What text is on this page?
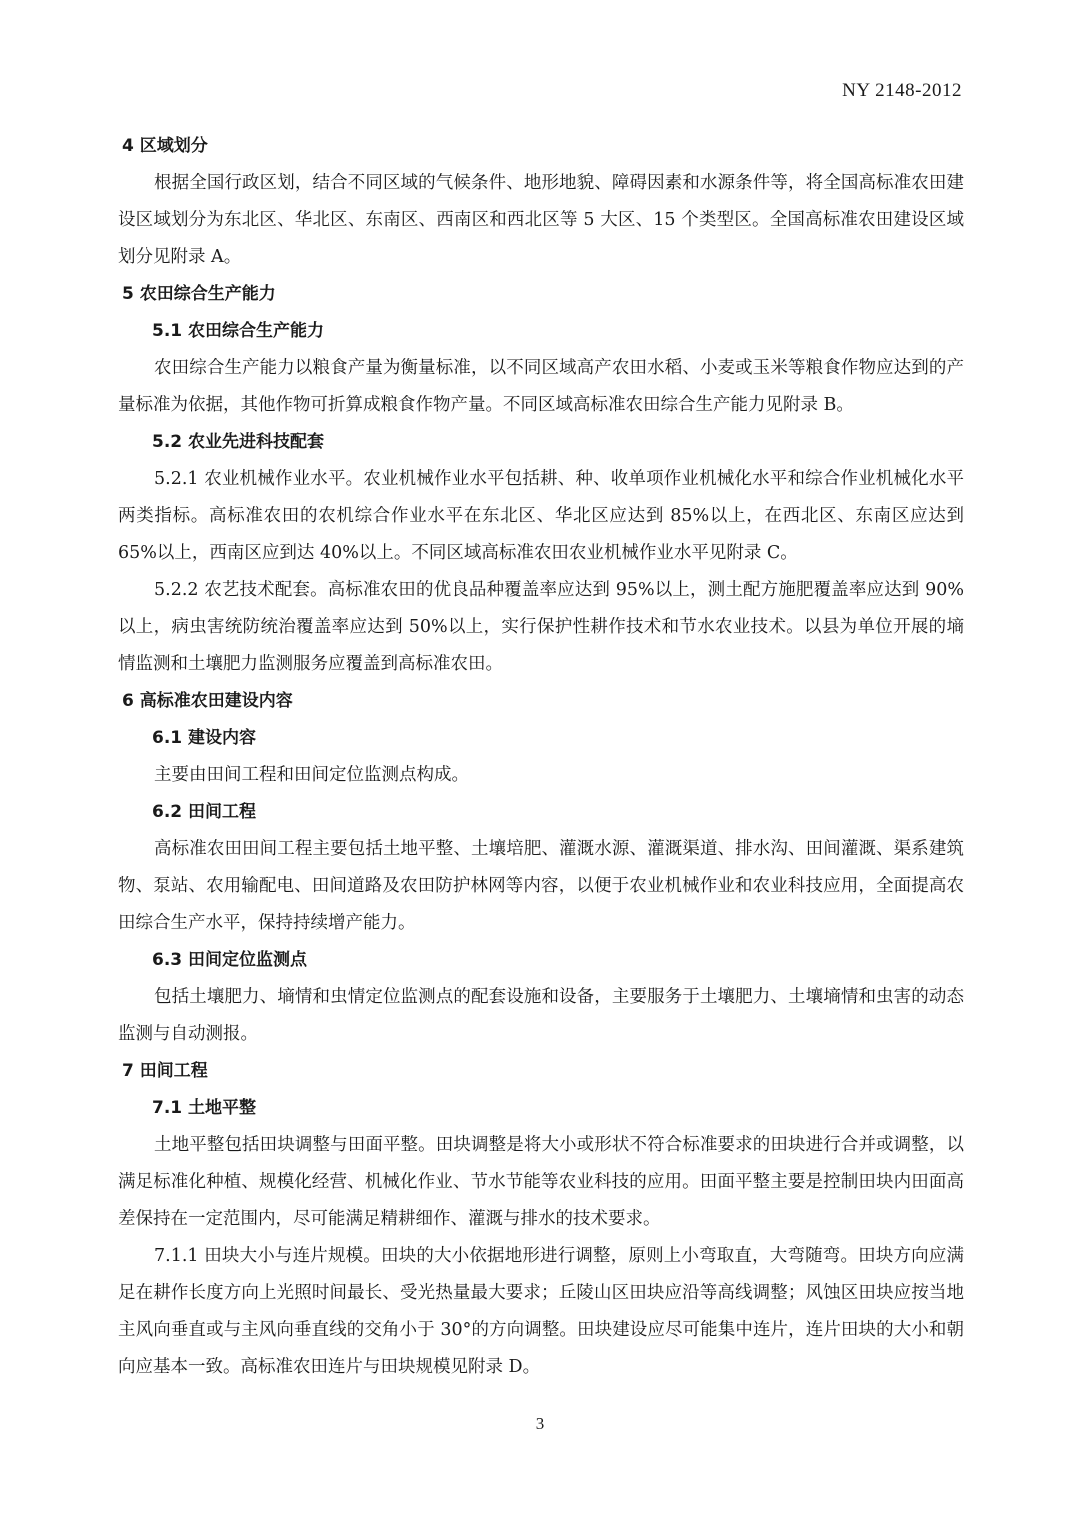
NY 2148-2012
4 区域划分

根据全国行政区划，结合不同区域的气候条件、地形地貌、障碍因素和水源条件等，将全国高标准农田建设区域划分为东北区、华北区、东南区、西南区和西北区等 5 大区、15 个类型区。全国高标准农田建设区域划分见附录 A。

5 农田综合生产能力
5.1 农田综合生产能力

农田综合生产能力以粮食产量为衡量标准，以不同区域高产农田水稻、小麦或玉米等粮食作物应达到的产量标准为依据，其他作物可折算成粮食作物产量。不同区域高标准农田综合生产能力见附录 B。

5.2 农业先进科技配套

5.2.1 农业机械作业水平。农业机械作业水平包括耕、种、收单项作业机械化水平和综合作业机械化水平两类指标。高标准农田的农机综合作业水平在东北区、华北区应达到 85%以上，在西北区、东南区应达到 65%以上，西南区应到达 40%以上。不同区域高标准农田农业机械作业水平见附录 C。

5.2.2 农艺技术配套。高标准农田的优良品种覆盖率应达到 95%以上，测土配方施肥覆盖率应达到 90%以上，病虫害统防统治覆盖率应达到 50%以上，实行保护性耕作技术和节水农业技术。以县为单位开展的墒情监测和土壤肥力监测服务应覆盖到高标准农田。

6 高标准农田建设内容
6.1 建设内容

主要由田间工程和田间定位监测点构成。

6.2 田间工程

高标准农田田间工程主要包括土地平整、土壤培肥、灌溉水源、灌溉渠道、排水沟、田间灌溉、渠系建筑物、泵站、农用输配电、田间道路及农田防护林网等内容，以便于农业机械作业和农业科技应用，全面提高农田综合生产水平，保持持续增产能力。

6.3 田间定位监测点

包括土壤肥力、墒情和虫情定位监测点的配套设施和设备，主要服务于土壤肥力、土壤墒情和虫害的动态监测与自动测报。

7 田间工程
7.1 土地平整

土地平整包括田块调整与田面平整。田块调整是将大小或形状不符合标准要求的田块进行合并或调整，以满足标准化种植、规模化经营、机械化作业、节水节能等农业科技的应用。田面平整主要是控制田块内田面高差保持在一定范围内，尽可能满足精耕细作、灌溉与排水的技术要求。

7.1.1 田块大小与连片规模。田块的大小依据地形进行调整，原则上小弯取直，大弯随弯。田块方向应满足在耕作长度方向上光照时间最长、受光热量最大要求；丘陵山区田块应沿等高线调整；风蚀区田块应按当地主风向垂直或与主风向垂直线的交角小于 30°的方向调整。田块建设应尽可能集中连片，连片田块的大小和朝向应基本一致。高标准农田连片与田块规模见附录 D。

3
